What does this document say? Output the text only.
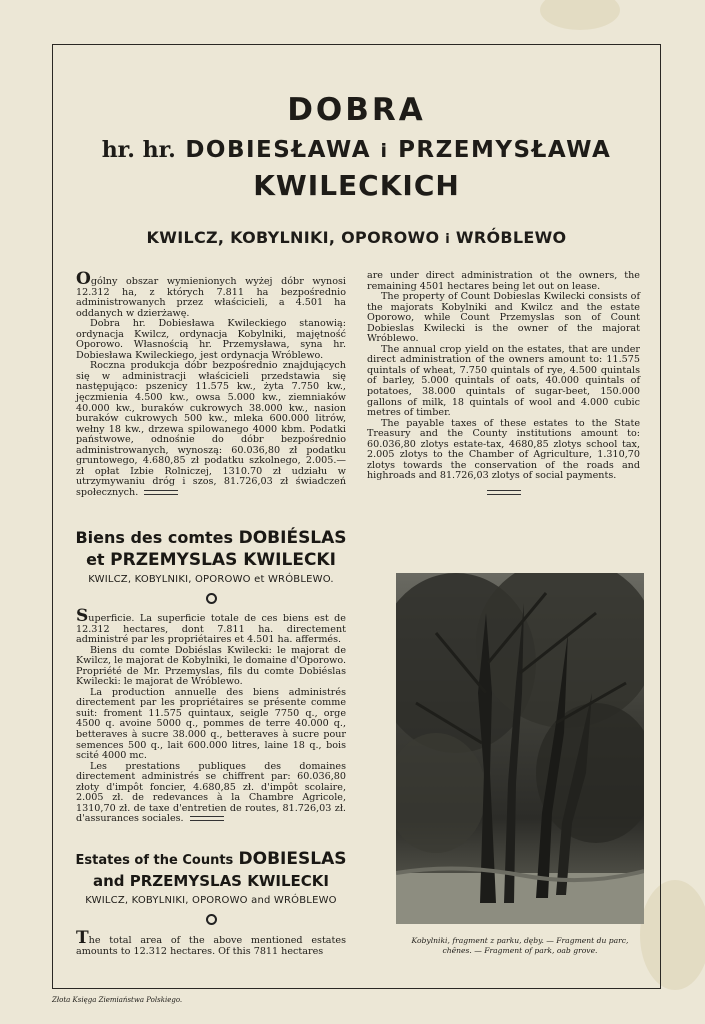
DOBRA
hr. hr. DOBIESŁAWA i PRZEMYSŁAWA
KWILECKICH
KWILCZ, KOBYLNIKI, OPOROWO i WRÓBLEWO

Ogólny obszar wymienionych wyżej dóbr wynosi 12.312 ha, z których 7.811 ha bezpośrednio administrowanych przez właścicieli, a 4.501 ha oddanych w dzierżawę.

Dobra hr. Dobiesława Kwileckiego stanowią: ordynacja Kwilcz, ordynacja Kobylniki, majętność Oporowo. Własnością hr. Przemysława, syna hr. Dobiesława Kwileckiego, jest ordynacja Wróblewo.

Roczna produkcja dóbr bezpośrednio znajdujących się w administracji właścicieli przedstawia się następująco: pszenicy 11.575 kw., żyta 7.750 kw., jęczmienia 4.500 kw., owsa 5.000 kw., ziemniaków 40.000 kw., buraków cukrowych 38.000 kw., nasion buraków cukrowych 500 kw., mleka 600.000 litrów, wełny 18 kw., drzewa spilowanego 4000 kbm. Podatki państwowe, odnośnie do dóbr bezpośrednio administrowanych, wynoszą: 60.036,80 zł podatku gruntowego, 4.680,85 zł podatku szkolnego, 2.005.— zł opłat Izbie Rolniczej, 1310.70 zł udziału w utrzymywaniu dróg i szos, 81.726,03 zł świadczeń społecznych.

Biens des comtes DOBIÉSLAS
et PRZEMYSLAS KWILECKI
KWILCZ, KOBYLNIKI, OPOROWO et WRÓBLEWO.

Superficie. La superficie totale de ces biens est de 12.312 hectares, dont 7.811 ha. directement administré par les propriétaires et 4.501 ha. affermés.

Biens du comte Dobiéslas Kwilecki: le majorat de Kwilcz, le majorat de Kobylniki, le domaine d'Oporowo. Propriété de Mr. Przemyslas, fils du comte Dobiéslas Kwilecki: le majorat de Wróblewo.

La production annuelle des biens administrés directement par les propriétaires se présente comme suit: froment 11.575 quintaux, seigle 7750 q., orge 4500 q. avoine 5000 q., pommes de terre 40.000 q., betteraves à sucre 38.000 q., betteraves à sucre pour semences 500 q., lait 600.000 litres, laine 18 q., bois scité 4000 mc.

Les prestations publiques des domaines directement administrés se chiffrent par: 60.036,80 złoty d'impôt foncier, 4.680,85 zł. d'impôt scolaire, 2.005 zł. de redevances à la Chambre Agricole, 1310,70 zł. de taxe d'entretien de routes, 81.726,03 zł. d'assurances sociales.

Estates of the Counts DOBIESLAS
and PRZEMYSLAS KWILECKI
KWILCZ, KOBYLNIKI, OPOROWO and WRÓBLEWO

The total area of the above mentioned estates amounts to 12.312 hectares. Of this 7811 hectares

are under direct administration ot the owners, the remaining 4501 hectares being let out on lease.

The property of Count Dobieslas Kwilecki consists of the majorats Kobylniki and Kwilcz and the estate Oporowo, while Count Przemyslas son of Count Dobieslas Kwilecki is the owner of the majorat Wróblewo.

The annual crop yield on the estates, that are under direct administration of the owners amount to: 11.575 quintals of wheat, 7.750 quintals of rye, 4.500 quintals of barley, 5.000 quintals of oats, 40.000 quintals of potatoes, 38.000 quintals of sugar-beet, 150.000 gallons of milk, 18 quintals of wool and 4.000 cubic metres of timber.

The payable taxes of these estates to the State Treasury and the County institutions amount to: 60.036,80 zlotys estate-tax, 4680,85 zlotys school tax, 2.005 zlotys to the Chamber of Agriculture, 1.310,70 zlotys towards the conservation of the roads and highroads and 81.726,03 zlotys of social payments.

Kobylniki, fragment z parku, dęby. — Fragment du parc,
chênes. — Fragment of park, oab grove.
Złota Księga Ziemiaństwa Polskiego.
